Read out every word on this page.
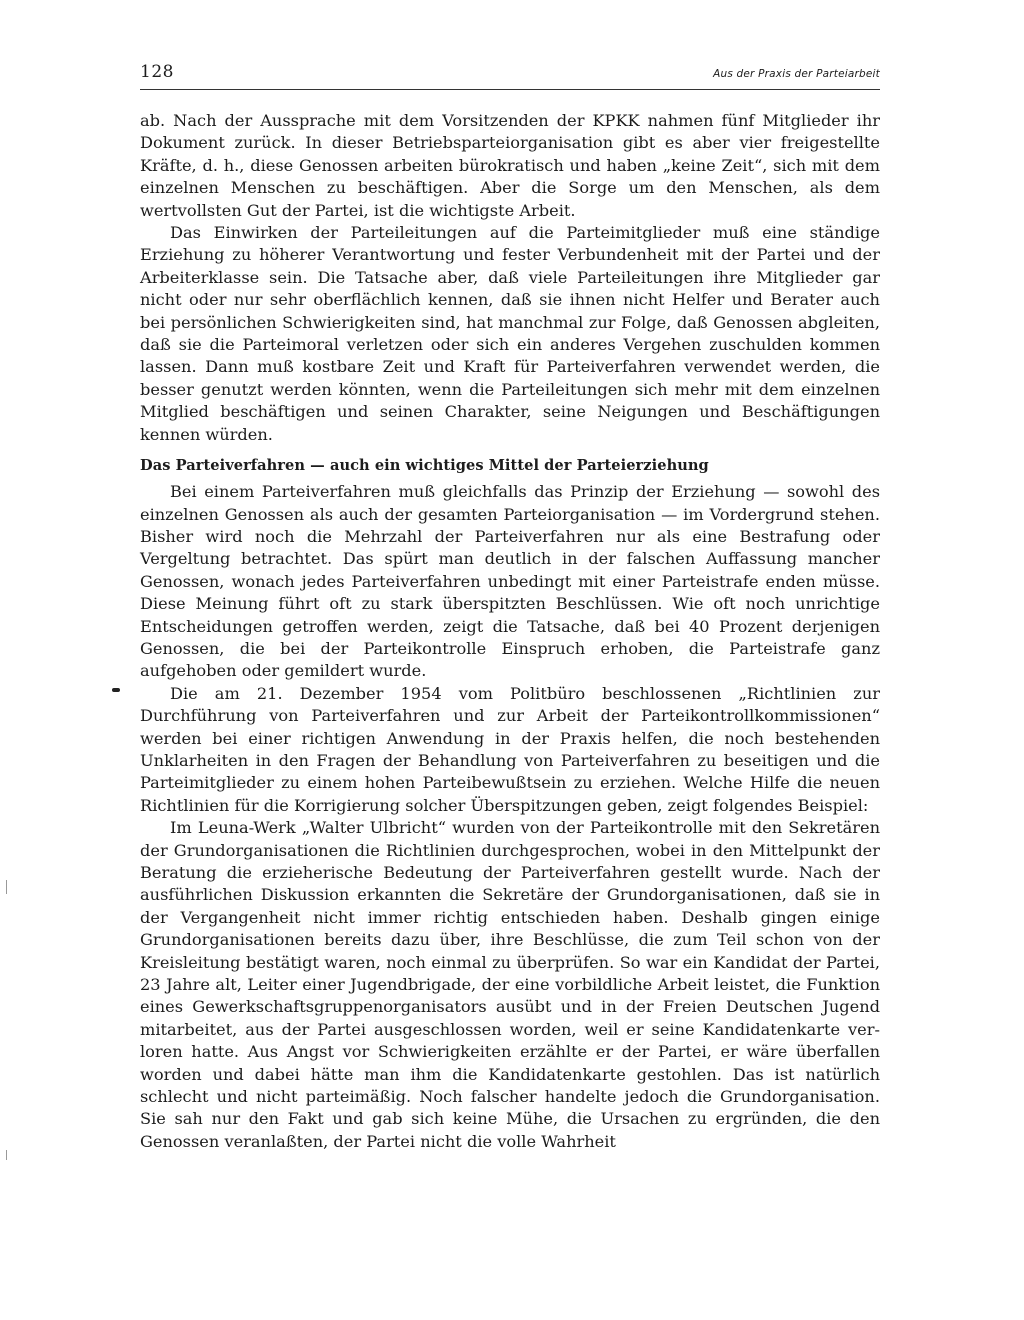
128	Aus der Praxis der Parteiarbeit

ab. Nach der Aussprache mit dem Vorsitzenden der KPKK nahmen fünf Mitglieder ihr Dokument zurück. In dieser Betriebsparteiorganisation gibt es aber vier freigestellte Kräfte, d. h., diese Genossen arbeiten bürokratisch und haben „keine Zeit“, sich mit dem einzelnen Menschen zu beschäftigen. Aber die Sorge um den Menschen, als dem wertvollsten Gut der Partei, ist die wichtigste Arbeit.

Das Einwirken der Parteileitungen auf die Parteimitglieder muß eine ständige Erziehung zu höherer Verantwortung und fester Verbundenheit mit der Partei und der Arbeiterklasse sein. Die Tatsache aber, daß viele Parteileitungen ihre Mitglieder gar nicht oder nur sehr oberflächlich kennen, daß sie ihnen nicht Helfer und Berater auch bei persönlichen Schwierigkeiten sind, hat manchmal zur Folge, daß Genossen abgleiten, daß sie die Parteimoral verletzen oder sich ein anderes Vergehen zuschulden kommen lassen. Dann muß kostbare Zeit und Kraft für Parteiverfahren verwendet werden, die besser genutzt werden könnten, wenn die Parteileitungen sich mehr mit dem einzelnen Mitglied beschäftigen und seinen Charakter, seine Neigungen und Beschäftigungen kennen würden.

Das Parteiverfahren — auch ein wichtiges Mittel der Parteierziehung

Bei einem Parteiverfahren muß gleichfalls das Prinzip der Erziehung — sowohl des einzelnen Genossen als auch der gesamten Parteiorganisation — im Vordergrund stehen. Bisher wird noch die Mehrzahl der Parteiverfahren nur als eine Bestrafung oder Vergeltung betrachtet. Das spürt man deutlich in der falschen Auffassung mancher Genossen, wonach jedes Parteiverfahren unbedingt mit einer Parteistrafe enden müsse. Diese Meinung führt oft zu stark überspitzten Beschlüssen. Wie oft noch unrichtige Entscheidungen getroffen werden, zeigt die Tatsache, daß bei 40 Prozent derjenigen Genossen, die bei der Parteikontrolle Einspruch erhoben, die Parteistrafe ganz aufgehoben oder gemildert wurde.

Die am 21. Dezember 1954 vom Politbüro beschlossenen „Richtlinien zur Durchführung von Parteiverfahren und zur Arbeit der Parteikontrollkommissionen“ werden bei einer richtigen Anwendung in der Praxis helfen, die noch bestehenden Unklarheiten in den Fragen der Behandlung von Parteiverfahren zu beseitigen und die Parteimitglieder zu einem hohen Parteibewußtsein zu erziehen. Welche Hilfe die neuen Richtlinien für die Korrigierung solcher Überspitzungen geben, zeigt folgendes Beispiel:

Im Leuna-Werk „Walter Ulbricht“ wurden von der Parteikontrolle mit den Sekretären der Grundorganisationen die Richtlinien durchgesprochen, wobei in den Mittelpunkt der Beratung die erzieherische Bedeutung der Parteiverfahren gestellt wurde. Nach der ausführlichen Diskussion erkannten die Sekretäre der Grundorganisationen, daß sie in der Vergangenheit nicht immer richtig entschieden haben. Deshalb gingen einige Grundorganisationen bereits dazu über, ihre Beschlüsse, die zum Teil schon von der Kreisleitung bestätigt waren, noch einmal zu überprüfen. So war ein Kandidat der Partei, 23 Jahre alt, Leiter einer Jugendbrigade, der eine vorbildliche Arbeit leistet, die Funktion eines Gewerkschaftsgruppenorganisators ausübt und in der Freien Deutschen Jugend mitarbeitet, aus der Partei ausgeschlossen worden, weil er seine Kandidatenkarte verloren hatte. Aus Angst vor Schwierigkeiten erzählte er der Partei, er wäre überfallen worden und dabei hätte man ihm die Kandidatenkarte gestohlen. Das ist natürlich schlecht und nicht parteimäßig. Noch falscher handelte jedoch die Grundorganisation. Sie sah nur den Fakt und gab sich keine Mühe, die Ursachen zu ergründen, die den Genossen veranlaßten, der Partei nicht die volle Wahrheit
